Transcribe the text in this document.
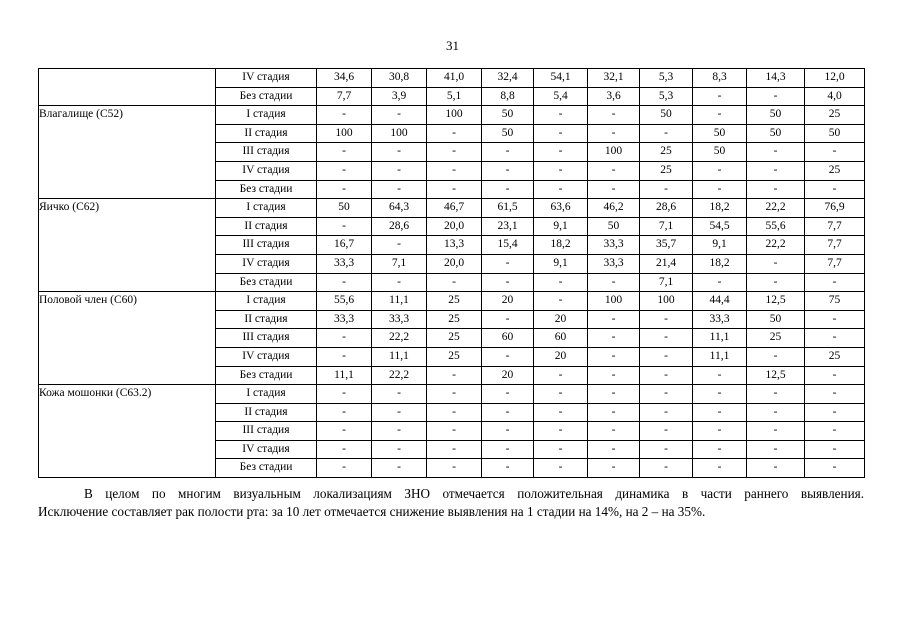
31
	IV стадия	34,6	30,8	41,0	32,4	54,1	32,1	5,3	8,3	14,3	12,0
	Без стадии	7,7	3,9	5,1	8,8	5,4	3,6	5,3	-	-	4,0
Влагалище (С52)	I стадия	-	-	100	50	-	-	50	-	50	25
	II стадия	100	100	-	50	-	-	-	50	50	50
	III стадия	-	-	-	-	-	100	25	50	-	-
	IV стадия	-	-	-	-	-	-	25	-	-	25
	Без стадии	-	-	-	-	-	-	-	-	-	-
Яичко (С62)	I стадия	50	64,3	46,7	61,5	63,6	46,2	28,6	18,2	22,2	76,9
	II стадия	-	28,6	20,0	23,1	9,1	50	7,1	54,5	55,6	7,7
	III стадия	16,7	-	13,3	15,4	18,2	33,3	35,7	9,1	22,2	7,7
	IV стадия	33,3	7,1	20,0	-	9,1	33,3	21,4	18,2	-	7,7
	Без стадии	-	-	-	-	-	-	7,1	-	-	-
Половой член (С60)	I стадия	55,6	11,1	25	20	-	100	100	44,4	12,5	75
	II стадия	33,3	33,3	25	-	20	-	-	33,3	50	-
	III стадия	-	22,2	25	60	60	-	-	11,1	25	-
	IV стадия	-	11,1	25	-	20	-	-	11,1	-	25
	Без стадии	11,1	22,2	-	20	-	-	-	-	12,5	-
Кожа мошонки (С63.2)	I стадия	-	-	-	-	-	-	-	-	-	-
	II стадия	-	-	-	-	-	-	-	-	-	-
	III стадия	-	-	-	-	-	-	-	-	-	-
	IV стадия	-	-	-	-	-	-	-	-	-	-
	Без стадии	-	-	-	-	-	-	-	-	-	-
В целом по многим визуальным локализациям ЗНО отмечается положительная динамика в части раннего выявления.
Исключение составляет рак полости рта: за 10 лет отмечается снижение выявления на 1 стадии на 14%, на 2 – на 35%.
